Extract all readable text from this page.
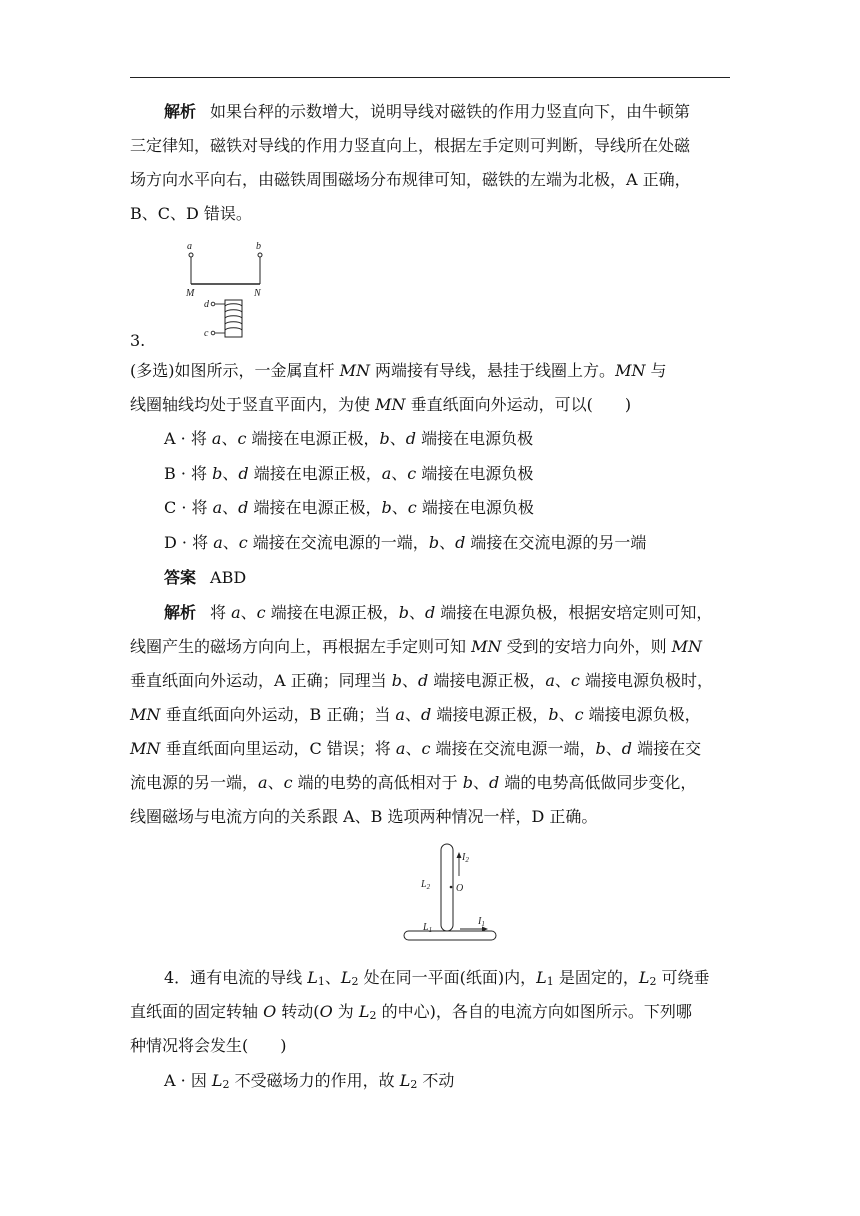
解析 如果台秤的示数增大，说明导线对磁铁的作用力竖直向下，由牛顿第
三定律知，磁铁对导线的作用力竖直向上，根据左手定则可判断，导线所在处磁
场方向水平向右，由磁铁周围磁场分布规律可知，磁铁的左端为北极，A 正确，
B、C、D 错误。
a	b
M	N
d
c
3.
(多选)如图所示，一金属直杆 MN 两端接有导线，悬挂于线圈上方。MN 与
线圈轴线均处于竖直平面内，为使 MN 垂直纸面向外运动，可以(　　)
A · 将 a、c 端接在电源正极，b、d 端接在电源负极
B · 将 b、d 端接在电源正极，a、c 端接在电源负极
C · 将 a、d 端接在电源正极，b、c 端接在电源负极
D · 将 a、c 端接在交流电源的一端，b、d 端接在交流电源的另一端
答案 ABD
解析 将 a、c 端接在电源正极，b、d 端接在电源负极，根据安培定则可知，
线圈产生的磁场方向向上，再根据左手定则可知 MN 受到的安培力向外，则 MN
垂直纸面向外运动，A 正确；同理当 b、d 端接电源正极，a、c 端接电源负极时，
MN 垂直纸面向外运动，B 正确；当 a、d 端接电源正极，b、c 端接电源负极，
MN 垂直纸面向里运动，C 错误；将 a、c 端接在交流电源一端，b、d 端接在交
流电源的另一端，a、c 端的电势的高低相对于 b、d 端的电势高低做同步变化，
线圈磁场与电流方向的关系跟 A、B 选项两种情况一样，D 正确。
$I_2$
$L_2$	O
$L_1$
$I_1$
4．通有电流的导线 $L_1$、$L_2$ 处在同一平面(纸面)内，$L_1$ 是固定的，$L_2$ 可绕垂
直纸面的固定转轴 O 转动(O 为 $L_2$ 的中心)，各自的电流方向如图所示。下列哪
种情况将会发生(　　)
A · 因 $L_2$ 不受磁场力的作用，故 $L_2$ 不动
